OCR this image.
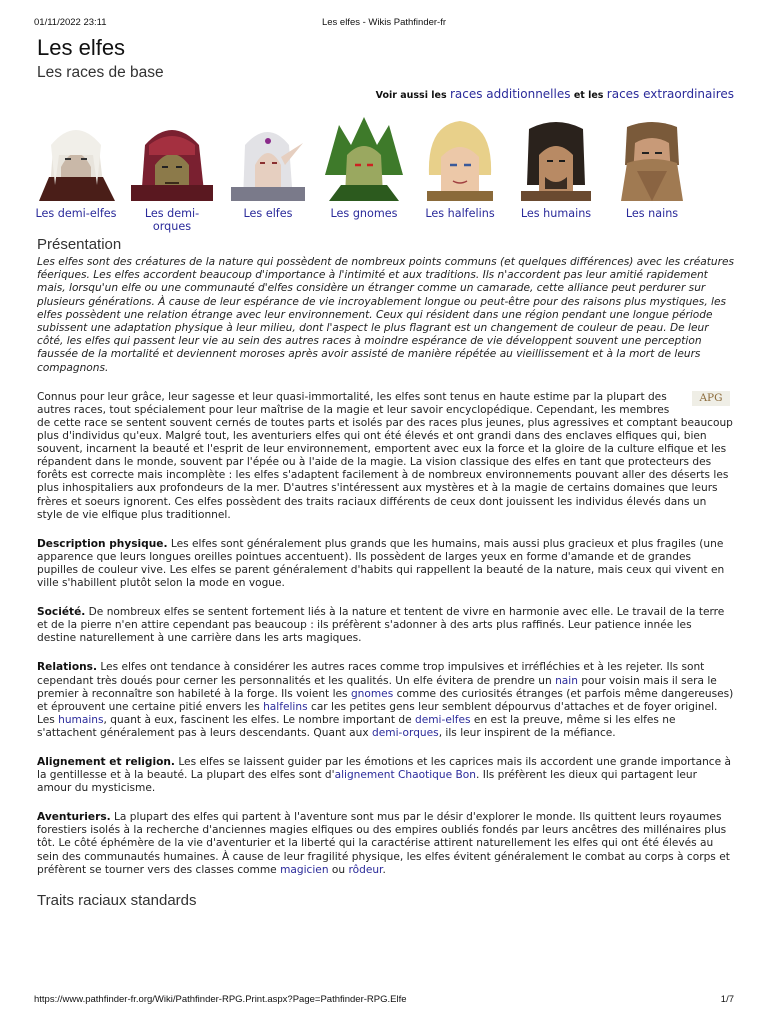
01/11/2022 23:11	Les elfes - Wikis Pathfinder-fr
Les elfes
Les races de base
Voir aussi les races additionnelles et les races extraordinaires
Les demi-elfes	Les demi-orques
Les elfes	Les gnomes	Les halfelins	Les humains	Les nains
Présentation
Les elfes sont des créatures de la nature qui possèdent de nombreux points communs (et quelques différences) avec les créatures féeriques. Les elfes accordent beaucoup d'importance à l'intimité et aux traditions. Ils n'accordent pas leur amitié rapidement mais, lorsqu'un elfe ou une communauté d'elfes considère un étranger comme un camarade, cette alliance peut perdurer sur plusieurs générations. À cause de leur espérance de vie incroyablement longue ou peut-être pour des raisons plus mystiques, les elfes possèdent une relation étrange avec leur environnement. Ceux qui résident dans une région pendant une longue période subissent une adaptation physique à leur milieu, dont l'aspect le plus flagrant est un changement de couleur de peau. De leur côté, les elfes qui passent leur vie au sein des autres races à moindre espérance de vie développent souvent une perception faussée de la mortalité et deviennent moroses après avoir assisté de manière répétée au vieillissement et à la mort de leurs compagnons.

APG
Connus pour leur grâce, leur sagesse et leur quasi-immortalité, les elfes sont tenus en haute estime par la plupart des autres races, tout spécialement pour leur maîtrise de la magie et leur savoir encyclopédique. Cependant, les membres de cette race se sentent souvent cernés de toutes parts et isolés par des races plus jeunes, plus agressives et comptant beaucoup plus d'individus qu'eux. Malgré tout, les aventuriers elfes qui ont été élevés et ont grandi dans des enclaves elfiques qui, bien souvent, incarnent la beauté et l'esprit de leur environnement, emportent avec eux la force et la gloire de la culture elfique et les répandent dans le monde, souvent par l'épée ou à l'aide de la magie. La vision classique des elfes en tant que protecteurs des forêts est correcte mais incomplète : les elfes s'adaptent facilement à de nombreux environnements pouvant aller des déserts les plus inhospitaliers aux profondeurs de la mer. D'autres s'intéressent aux mystères et à la magie de certains domaines que leurs frères et soeurs ignorent. Ces elfes possèdent des traits raciaux différents de ceux dont jouissent les individus élevés dans un style de vie elfique plus traditionnel.

Description physique. Les elfes sont généralement plus grands que les humains, mais aussi plus gracieux et plus fragiles (une apparence que leurs longues oreilles pointues accentuent). Ils possèdent de larges yeux en forme d'amande et de grandes pupilles de couleur vive. Les elfes se parent généralement d'habits qui rappellent la beauté de la nature, mais ceux qui vivent en ville s'habillent plutôt selon la mode en vogue.

Société. De nombreux elfes se sentent fortement liés à la nature et tentent de vivre en harmonie avec elle. Le travail de la terre et de la pierre n'en attire cependant pas beaucoup : ils préfèrent s'adonner à des arts plus raffinés. Leur patience innée les destine naturellement à une carrière dans les arts magiques.

Relations. Les elfes ont tendance à considérer les autres races comme trop impulsives et irréfléchies et à les rejeter. Ils sont cependant très doués pour cerner les personnalités et les qualités. Un elfe évitera de prendre un nain pour voisin mais il sera le premier à reconnaître son habileté à la forge. Ils voient les gnomes comme des curiosités étranges (et parfois même dangereuses) et éprouvent une certaine pitié envers les halfelins car les petites gens leur semblent dépourvus d'attaches et de foyer originel. Les humains, quant à eux, fascinent les elfes. Le nombre important de demi-elfes en est la preuve, même si les elfes ne s'attachent généralement pas à leurs descendants. Quant aux demi-orques, ils leur inspirent de la méfiance.

Alignement et religion. Les elfes se laissent guider par les émotions et les caprices mais ils accordent une grande importance à la gentillesse et à la beauté. La plupart des elfes sont d'alignement Chaotique Bon. Ils préfèrent les dieux qui partagent leur amour du mysticisme.

Aventuriers. La plupart des elfes qui partent à l'aventure sont mus par le désir d'explorer le monde. Ils quittent leurs royaumes forestiers isolés à la recherche d'anciennes magies elfiques ou des empires oubliés fondés par leurs ancêtres des millénaires plus tôt. Le côté éphémère de la vie d'aventurier et la liberté qui la caractérise attirent naturellement les elfes qui ont été élevés au sein des communautés humaines. À cause de leur fragilité physique, les elfes évitent généralement le combat au corps à corps et préfèrent se tourner vers des classes comme magicien ou rôdeur.

Traits raciaux standards
https://www.pathfinder-fr.org/Wiki/Pathfinder-RPG.Print.aspx?Page=Pathfinder-RPG.Elfe	1/7
